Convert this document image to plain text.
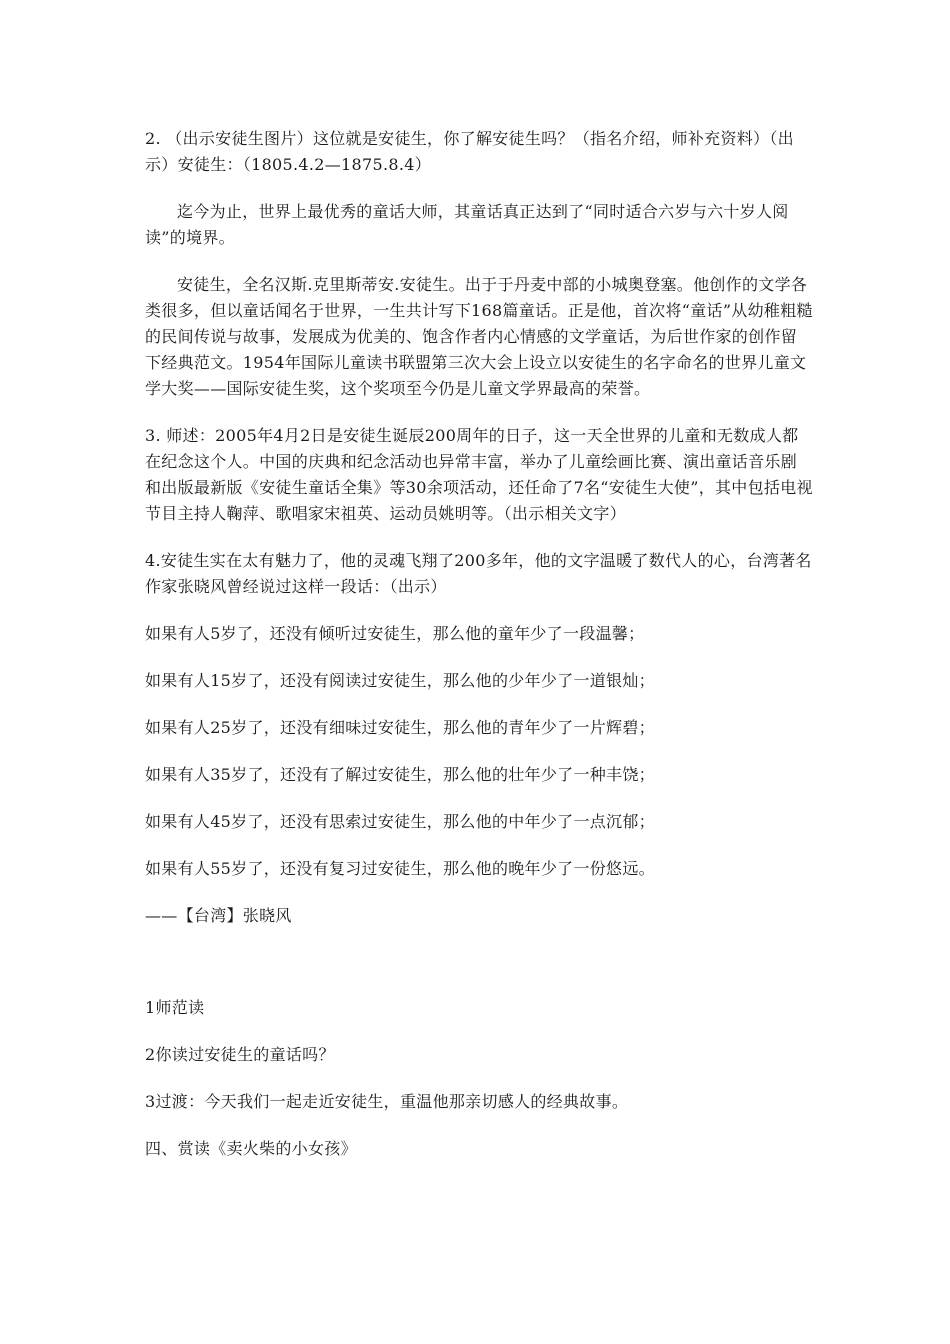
2. （出示安徒生图片）这位就是安徒生，你了解安徒生吗？（指名介绍，师补充资料）（出示）安徒生：（1805.4.2—1875.8.4）

迄今为止，世界上最优秀的童话大师，其童话真正达到了“同时适合六岁与六十岁人阅读”的境界。

安徒生，全名汉斯.克里斯蒂安.安徒生。出于于丹麦中部的小城奥登塞。他创作的文学各类很多，但以童话闻名于世界，一生共计写下168篇童话。正是他，首次将“童话”从幼稚粗糙的民间传说与故事，发展成为优美的、饱含作者内心情感的文学童话，为后世作家的创作留下经典范文。1954年国际儿童读书联盟第三次大会上设立以安徒生的名字命名的世界儿童文学大奖——国际安徒生奖，这个奖项至今仍是儿童文学界最高的荣誉。

3. 师述：2005年4月2日是安徒生诞辰200周年的日子，这一天全世界的儿童和无数成人都在纪念这个人。中国的庆典和纪念活动也异常丰富，举办了儿童绘画比赛、演出童话音乐剧和出版最新版《安徒生童话全集》等30余项活动，还任命了7名“安徒生大使”，其中包括电视节目主持人鞠萍、歌唱家宋祖英、运动员姚明等。（出示相关文字）

4.安徒生实在太有魅力了，他的灵魂飞翔了200多年，他的文字温暖了数代人的心，台湾著名作家张晓风曾经说过这样一段话：（出示）

如果有人5岁了，还没有倾听过安徒生，那么他的童年少了一段温馨；

如果有人15岁了，还没有阅读过安徒生，那么他的少年少了一道银灿；

如果有人25岁了，还没有细味过安徒生，那么他的青年少了一片辉碧；

如果有人35岁了，还没有了解过安徒生，那么他的壮年少了一种丰饶；

如果有人45岁了，还没有思索过安徒生，那么他的中年少了一点沉郁；

如果有人55岁了，还没有复习过安徒生，那么他的晚年少了一份悠远。

——【台湾】张晓风

1师范读

2你读过安徒生的童话吗？

3过渡：今天我们一起走近安徒生，重温他那亲切感人的经典故事。

四、赏读《卖火柴的小女孩》
